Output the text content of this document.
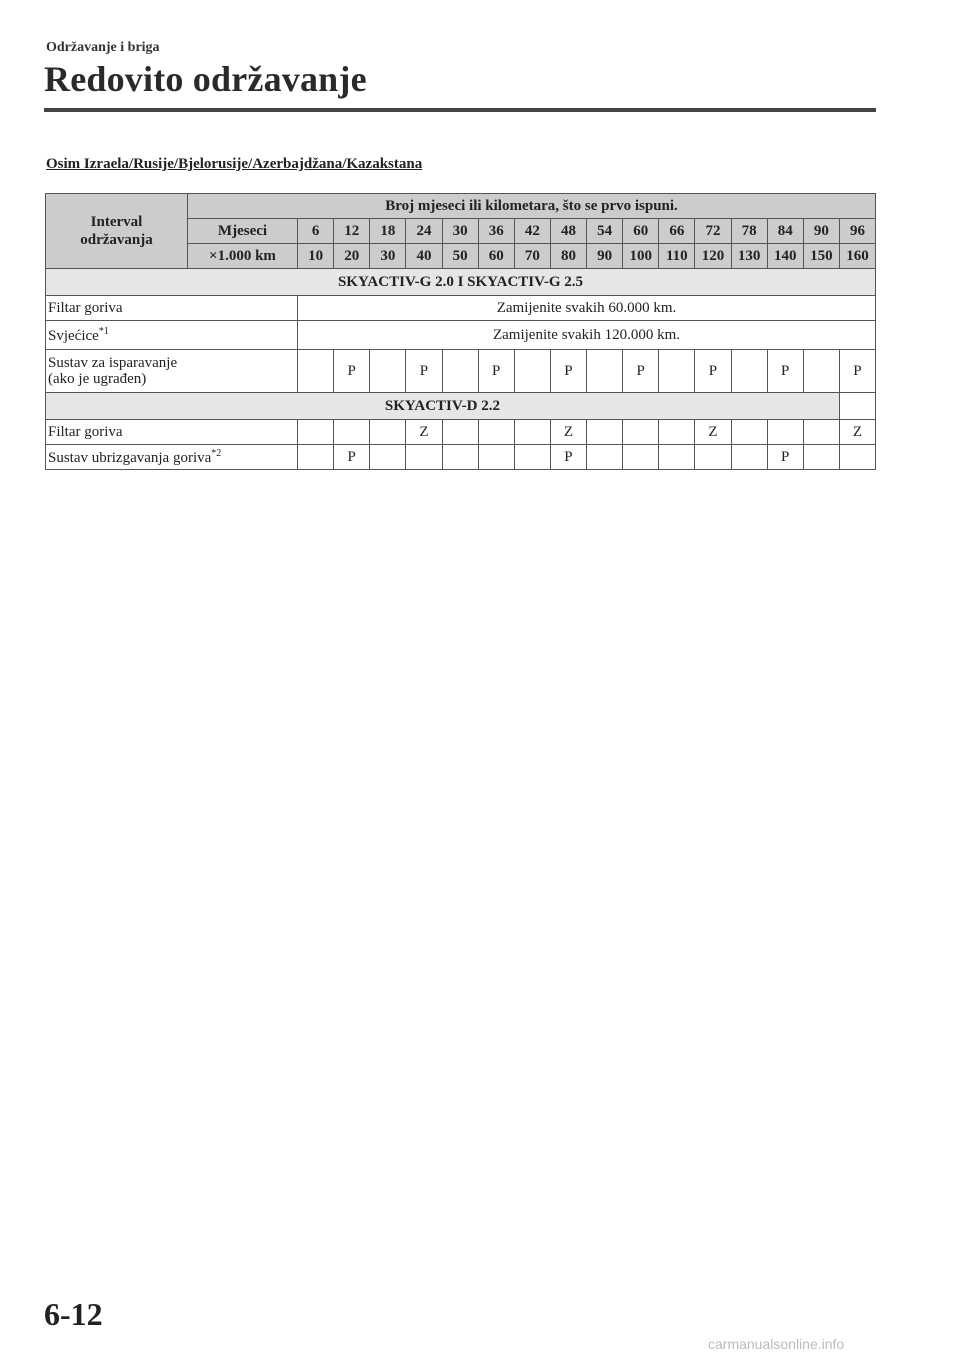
Održavanje i briga
Redovito održavanje
Osim Izraela/Rusije/Bjelorusije/Azerbajdžana/Kazakstana
Interval održavanja	Broj mjeseci ili kilometara, što se prvo ispuni.																
	Mjeseci	6	12	18	24	30	36	42	48	54	60	66	72	78	84	90	96
	×1.000 km	10	20	30	40	50	60	70	80	90	100	110	120	130	140	150	160
SKYACTIV-G 2.0 I SKYACTIV-G 2.5																	
Filtar goriva		Zamijenite svakih 60.000 km.															
Svjećice$^{*1}$		Zamijenite svakih 120.000 km.															
Sustav za isparavanje
(ako je ugrađen)			P		P		P		P		P		P		P		P
SKYACTIV-D 2.2																	
Filtar goriva					Z				Z				Z				Z
Sustav ubrizgavanja goriva$^{*2}$			P						P						P		
6-12
carmanualsonline.info
